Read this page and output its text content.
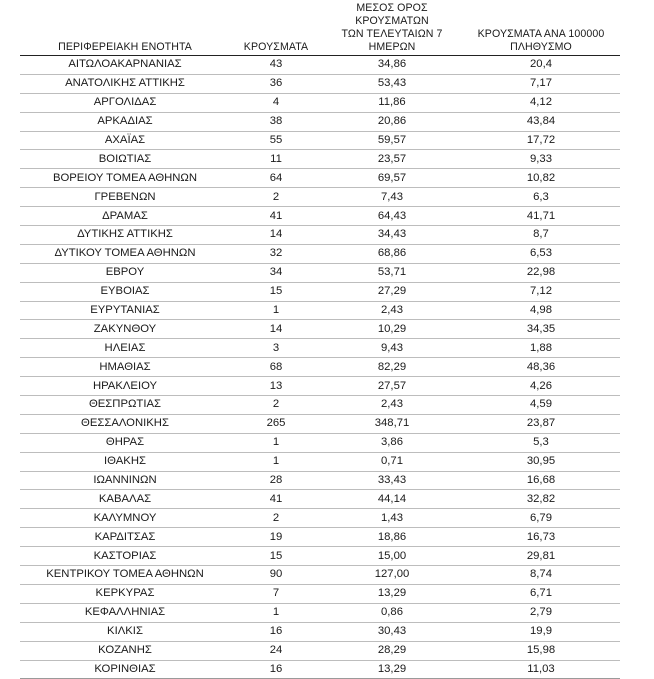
ΠΕΡΙΦΕΡΕΙΑΚΗ ΕΝΟΤΗΤΑ	ΚΡΟΥΣΜΑΤΑ	ΜΕΣΟΣ ΟΡΟΣ ΚΡΟΥΣΜΑΤΩΝ
ΤΩΝ ΤΕΛΕΥΤΑΙΩΝ 7
ΗΜΕΡΩΝ	ΚΡΟΥΣΜΑΤΑ ΑΝΑ 100000
ΠΛΗΘΥΣΜΟ

ΑΙΤΩΛΟΑΚΑΡΝΑΝΙΑΣ	43	34,86	20,4
ΑΝΑΤΟΛΙΚΗΣ ΑΤΤΙΚΗΣ	36	53,43	7,17
ΑΡΓΟΛΙΔΑΣ	4	11,86	4,12
ΑΡΚΑΔΙΑΣ	38	20,86	43,84
ΑΧΑΪΑΣ	55	59,57	17,72
ΒΟΙΩΤΙΑΣ	11	23,57	9,33
ΒΟΡΕΙΟΥ ΤΟΜΕΑ ΑΘΗΝΩΝ	64	69,57	10,82
ΓΡΕΒΕΝΩΝ	2	7,43	6,3
ΔΡΑΜΑΣ	41	64,43	41,71
ΔΥΤΙΚΗΣ ΑΤΤΙΚΗΣ	14	34,43	8,7
ΔΥΤΙΚΟΥ ΤΟΜΕΑ ΑΘΗΝΩΝ	32	68,86	6,53
ΕΒΡΟΥ	34	53,71	22,98
ΕΥΒΟΙΑΣ	15	27,29	7,12
ΕΥΡΥΤΑΝΙΑΣ	1	2,43	4,98
ΖΑΚΥΝΘΟΥ	14	10,29	34,35
ΗΛΕΙΑΣ	3	9,43	1,88
ΗΜΑΘΙΑΣ	68	82,29	48,36
ΗΡΑΚΛΕΙΟΥ	13	27,57	4,26
ΘΕΣΠΡΩΤΙΑΣ	2	2,43	4,59
ΘΕΣΣΑΛΟΝΙΚΗΣ	265	348,71	23,87
ΘΗΡΑΣ	1	3,86	5,3
ΙΘΑΚΗΣ	1	0,71	30,95
ΙΩΑΝΝΙΝΩΝ	28	33,43	16,68
ΚΑΒΑΛΑΣ	41	44,14	32,82
ΚΑΛΥΜΝΟΥ	2	1,43	6,79
ΚΑΡΔΙΤΣΑΣ	19	18,86	16,73
ΚΑΣΤΟΡΙΑΣ	15	15,00	29,81
ΚΕΝΤΡΙΚΟΥ ΤΟΜΕΑ ΑΘΗΝΩΝ	90	127,00	8,74
ΚΕΡΚΥΡΑΣ	7	13,29	6,71
ΚΕΦΑΛΛΗΝΙΑΣ	1	0,86	2,79
ΚΙΛΚΙΣ	16	30,43	19,9
ΚΟΖΑΝΗΣ	24	28,29	15,98
ΚΟΡΙΝΘΙΑΣ	16	13,29	11,03
